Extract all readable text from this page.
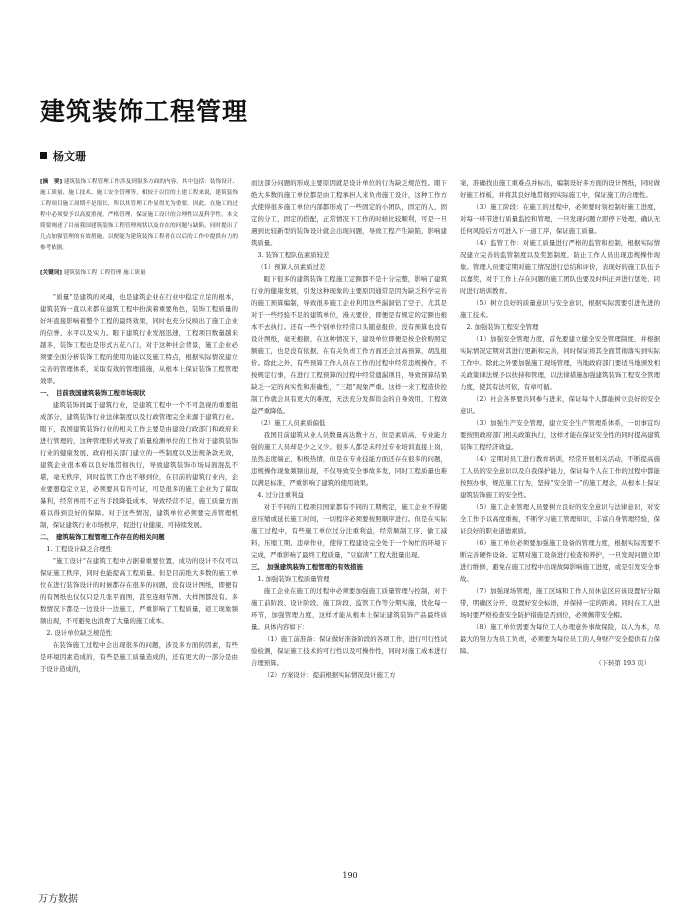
建筑装饰工程管理
杨文珊
[摘　要] 建筑装饰工程管理工作涉及到很多方面的内容，其中包括：装饰设计、施工质量、施工技术、施工安全管理等，相较于以往的土建工程来说，建筑装饰工程项目施工周期不是很长，所以其管理工作显得尤为重要。因此，在施工的过程中必须要予以高度重视，严格管理，保证施工设计的合理性以及科学性。本文简要阐述了目前我国建筑装饰工程管理现状以及存在的问题与缺陷，同时提出了几点加强管理的有效措施，以便能为建筑装饰工程者在以后的工作中提供有力的参考依据。
[关键词] 建筑装饰工程 工程管理 施工质量

“质量”是建筑的灵魂，也是建筑企业在行业中稳定立足的根本，建筑装饰一直以来都在建筑工程中扮演着重要角色，装饰工程质量的好坏直接影响着整个工程的最终效果，同时也充分反映出了施工企业的信誉、水平以及实力。眼下建筑行业发展迅速，工程项目数量越来越多，装饰工程也是形式五花八门，对于这种社会背景，施工企业必须要全面分析装饰工程的使用功能以及施工特点，根据实际情况建立完善的管理体系，采取有效的管理措施，从根本上保证装饰工程管理效率。

一、　目前我国建筑装饰工程市场现状

建筑装饰间属于建筑行业，是建筑工程中一个不可忽视的重要组成部分，建筑装饰行业法律制度以及行政管理完全来源于建筑行业。眼下，我国建筑装饰行业的相关工作主要是由建设行政部门和政府来进行管理的，这种管理形式导致了质量检测单位的工作对于建筑装饰行业的健康发展、政府相关部门建立的一些制度以及法规条款无效，建筑企业很本难以良好地贯彻执行，导致建筑装饰市场局面混乱不堪，毫无秩序，同时监管工作也不够到位，在目前的建筑行业内，企业要想稳定立足，必须要具有许可证，可是很多的施工企业为了谋取暴利，经常再用不正当手段降低成本，导致经营不足，施工质量方面难以得到良好的保障。对于这些情况，建筑单位必须要完善管理机制，保证建筑行业市场秩序，促进行业健康、可持续发展。

二、　建筑装饰工程管理工作存在的相关问题

1. 工程设计缺乏合理性

“施工设计”在建筑工程中占据着重要位置，成功的设计不仅可以保证施工秩序，同时也能提高工程质量。但是目前绝大多数的施工单位在进行装饰设计的时候都存在很多的问题，没有设计图纸，即便有的有图纸也仅仅只是几张平面图，甚至连细节图、大样图都没有。多数情况下都是一边设计一边施工，严重影响了工程质量，返工现象频频出现，不可避免也浪费了大量的施工成本。

2. 设计单位缺乏规范性

在装饰施工过程中会出现很多的问题，涉及多方面的因素，有些是环境因素造成的，有些是施工质量造成的，还有更大的一部分是由于设计造成的，

而这部分问题的形成主要原因就是设计单位的行为缺乏规范性。眼下绝大多数的施工单位都是由工程承担人来负责施工设计，这种工作方式使得很多施工单位内部都形成了一些固定的小团队，固定的人，固定的分工，固定的搭配，正常情况下工作的时候比较顺利，可是一旦遇到比较新型的装饰设计就会出现问题，导致工程产生缺陷，影响建筑质量。

3. 装饰工程队伍素质较差

（1）预算人员素质过差

眼下很多的建筑装饰工程施工定额都不是十分完整，影响了建筑行业的健康发展，引发这种现象的主要原因通常是因为缺乏科学完善的施工预算编制，导致很多施工企业利用这些漏洞钻了空子，尤其是对于一些经验不足的建筑单位，漫天要价，即便是有规定的定额也根本不去执行。还有一些个别单位经常口头随意报价，没有预算也没有设计图纸，毫无根据，在这种情况下，建设单位即便是按全价购照定额施工，也是没有依据，在有关负责工作方面还会过高预算，胡乱报价。除此之外，有些预算工作人员在工作的过程中经常违规操作，不按规定行事，在进行工程预算的过程中经常遗漏项目，导致预算结果缺乏一定的真实性和准确性，“三超”现象严重。这样一来工程造价控制工作就会具有更大的难度，无法充分发挥资金的自身效用，工程效益严重降低。

（2）施工人员素质偏低

我国目前建筑从业人员数量高达数十万，但是素质高、专业能力强的施工人员却是少之又少。很多人都是未经过专业培训直接上岗，虽然态度端正，积极热情，但是在专业技能方面还存在很多的问题，违规操作现象频频出现，不仅导致安全事故多发，同时工程质量也难以满足标准，严重影响了建筑的使用效果。

4. 过分注重利益

对于不同的工程项目国家都有不同的工期规定，施工企业不得随意压缩或延长施工时间，一切程序必须要按照顺序进行。但是在实际施工过程中，有些施工单位过分注重利益，经常顺制工序、偷工减料、压缩工期、违章作业，使得工程建设完全处于一个匆忙的环境下完成，严重影响了最终工程质量，“豆腐渣”工程大批量出现。

三、　加强建筑装饰工程管理的有效措施

1. 加强装饰工程质量管理

施工企业在施工的过程中必须要加强施工质量管理与控制，对于施工前阶段、设计阶段、施工阶段、监管工作等分期实施，优化每一环节，加强管理力度，这样才能从根本上保证建筑装饰产品最终质量。具体内容如下：

（1）施工前准备：保证做好准备阶段的各项工作，进行可行性试验检测，保证施工技术的可行性以及可操作性，同时对施工成本进行合理预算。

（2）方案设计：提前根据实际情况设计施工方

案，准确找出施工重难点并标出，编制设好多方面的设计图纸，同时做好施工样板，并将其良好地贯彻到实际施工中，保证施工的合理性。

（3）施工阶段：在施工的过程中，必须要时刻控制好施工进度，对每一环节进行质量监控和管理，一旦发现问题立即停下处理，确认无任何风险后方可进入下一道工序，保证施工质量。

（4）监管工作：对施工质量进行严格的监管和控制，根据实际情况建立完善的监管制度以及奖惩制度，防止工作人员出现违规操作现象。管理人员要定期对施工情况进行总结和评价，表现好的施工队伍予以嘉奖，对于工作上存在问题的施工团队也要及时纠正并进行惩处，同时进行培训教育。

（5）树立良好的质量意识与安全意识，根据实际需要引进先进的施工技术。

2. 加强装饰工程安全管理

（1）加强安全管理力度，首先要建立健全安全管理制度，并根据实际情况定期对其进行更新和完善，同时保证将其全面贯彻落实到实际工作中。除此之外要加强施工现场管理，当地政府部门要适当地颁发相关政策律法规予以扶持和管理，以法律措施加强建筑装饰工程安全管理力度，使其有法可依，有章可循。

（2）社会各界要共同参与进来，保证每个人都能树立良好的安全意识。

（3）加强生产安全管理，建立安全生产管理系体系，一切事宜均要按照政府部门相关政策执行，这样才能在保证安全性的同时提高建筑装饰工程经济效益。

（4）定期对员工进行教育培训，经常开展相关活动，不断提高施工人员的安全意识以及自我保护能力，保证每个人在工作的过程中都能按照办事，规范施工行为，坚持“安全第一”的施工理念，从根本上保证建筑装饰施工的安全性。

（5）施工企业管理人员要树立良好的安全意识与法律意识，对安全工作予以高度重视，不断学习施工管理知识，丰富自身管理经验，保证良好的职业道德素质。

（6）施工单位必须要加强施工设备的管理力度，根据实际需要不断完善硬件设备。定期对施工设备进行检查和养护，一旦发现问题立即进行维修，避免在施工过程中出现故障影响施工进度，或是引发安全事故。

（7）加强现场管理，施工区域和工作人员休息区应该设置好分隔带，明确区分开，设置好安全标语，并保持一定的距离。同时在工人进场时要严格检查安全防护措施是否到位，必须佩带安全帽。

（8）施工单位需要为每位工人办理意外事故保险，以人为本，尽最大的努力为员工负责，必须要为每位员工的人身财产安全提供有力保障。

（下转第 193 页）

190
万方数据
